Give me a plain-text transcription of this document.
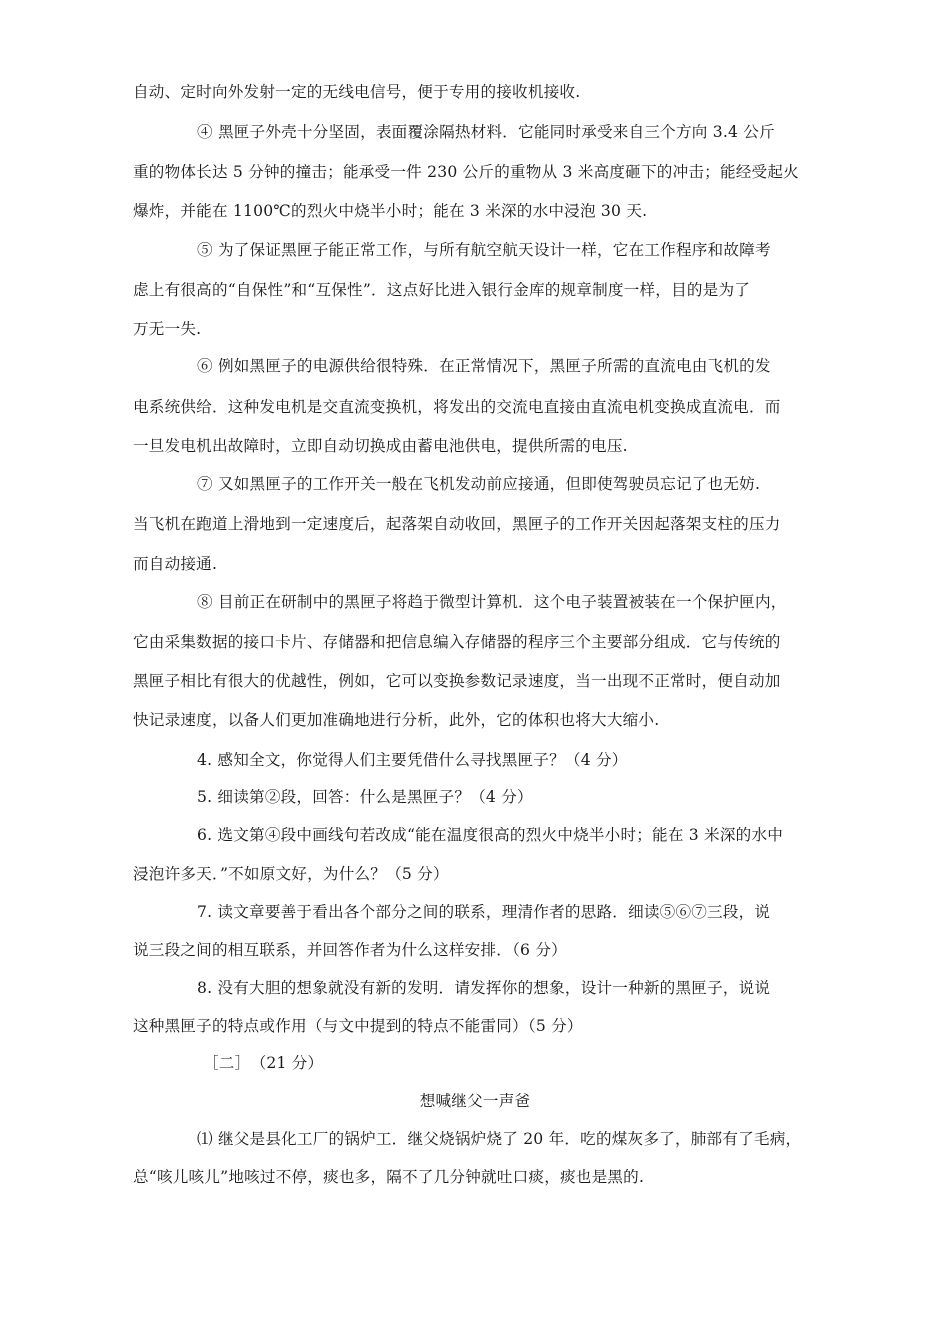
自动、定时向外发射一定的无线电信号，便于专用的接收机接收.
④ 黑匣子外壳十分坚固，表面覆涂隔热材料．它能同时承受来自三个方向 3.4 公斤
重的物体长达 5 分钟的撞击；能承受一件 230 公斤的重物从 3 米高度砸下的冲击；能经受起火
爆炸，并能在 1100℃的烈火中烧半小时；能在 3 米深的水中浸泡 30 天.
⑤ 为了保证黑匣子能正常工作，与所有航空航天设计一样，它在工作程序和故障考
虑上有很高的“自保性”和“互保性”．这点好比进入银行金库的规章制度一样，目的是为了
万无一失.
⑥ 例如黑匣子的电源供给很特殊．在正常情况下，黑匣子所需的直流电由飞机的发
电系统供给．这种发电机是交直流变换机，将发出的交流电直接由直流电机变换成直流电．而
一旦发电机出故障时，立即自动切换成由蓄电池供电，提供所需的电压.
⑦ 又如黑匣子的工作开关一般在飞机发动前应接通，但即使驾驶员忘记了也无妨.
当飞机在跑道上滑地到一定速度后，起落架自动收回，黑匣子的工作开关因起落架支柱的压力
而自动接通.
⑧ 目前正在研制中的黑匣子将趋于微型计算机．这个电子装置被装在一个保护匣内，
它由采集数据的接口卡片、存储器和把信息编入存储器的程序三个主要部分组成．它与传统的
黑匣子相比有很大的优越性，例如，它可以变换参数记录速度，当一出现不正常时，便自动加
快记录速度，以备人们更加准确地进行分析，此外，它的体积也将大大缩小.
4. 感知全文，你觉得人们主要凭借什么寻找黑匣子？（4 分）
5. 细读第②段，回答：什么是黑匣子？（4 分）
6. 选文第④段中画线句若改成“能在温度很高的烈火中烧半小时；能在 3 米深的水中
浸泡许多天．”不如原文好，为什么？（5 分）
7. 读文章要善于看出各个部分之间的联系，理清作者的思路．细读⑤⑥⑦三段，说
说三段之间的相互联系，并回答作者为什么这样安排．（6 分）
8. 没有大胆的想象就没有新的发明．请发挥你的想象，设计一种新的黑匣子，说说
这种黑匣子的特点或作用（与文中提到的特点不能雷同）（5 分）
［二］　（21 分）
想喊继父一声爸
⑴ 继父是县化工厂的锅炉工．继父烧锅炉烧了 20 年．吃的煤灰多了，肺部有了毛病，
总“咳儿咳儿”地咳过不停，痰也多，隔不了几分钟就吐口痰，痰也是黑的.
